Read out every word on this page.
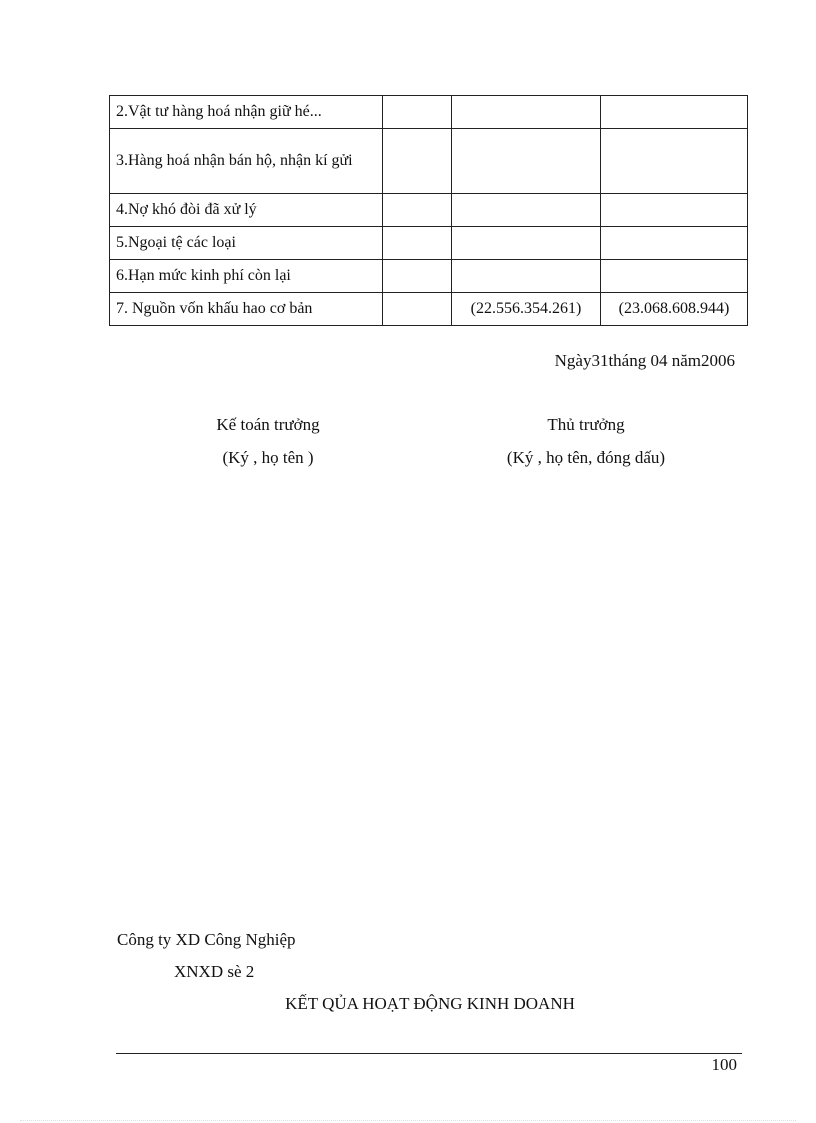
2.Vật tư hàng hoá nhận giữ hé...			
3.Hàng hoá nhận bán hộ, nhận kí gửi			
4.Nợ khó đòi đã xử lý			
5.Ngoại tệ các loại			
6.Hạn mức kinh phí còn lại			
7. Nguồn vốn khấu hao cơ bản		(22.556.354.261)	(23.068.608.944)
Ngày31tháng 04 năm2006
Kế toán trưởng
(Ký , họ tên )
Thủ trưởng
(Ký , họ tên, đóng dấu)
Công ty XD Công Nghiệp
XNXD sè 2
KẾT QỦA HOẠT ĐỘNG KINH DOANH
100
